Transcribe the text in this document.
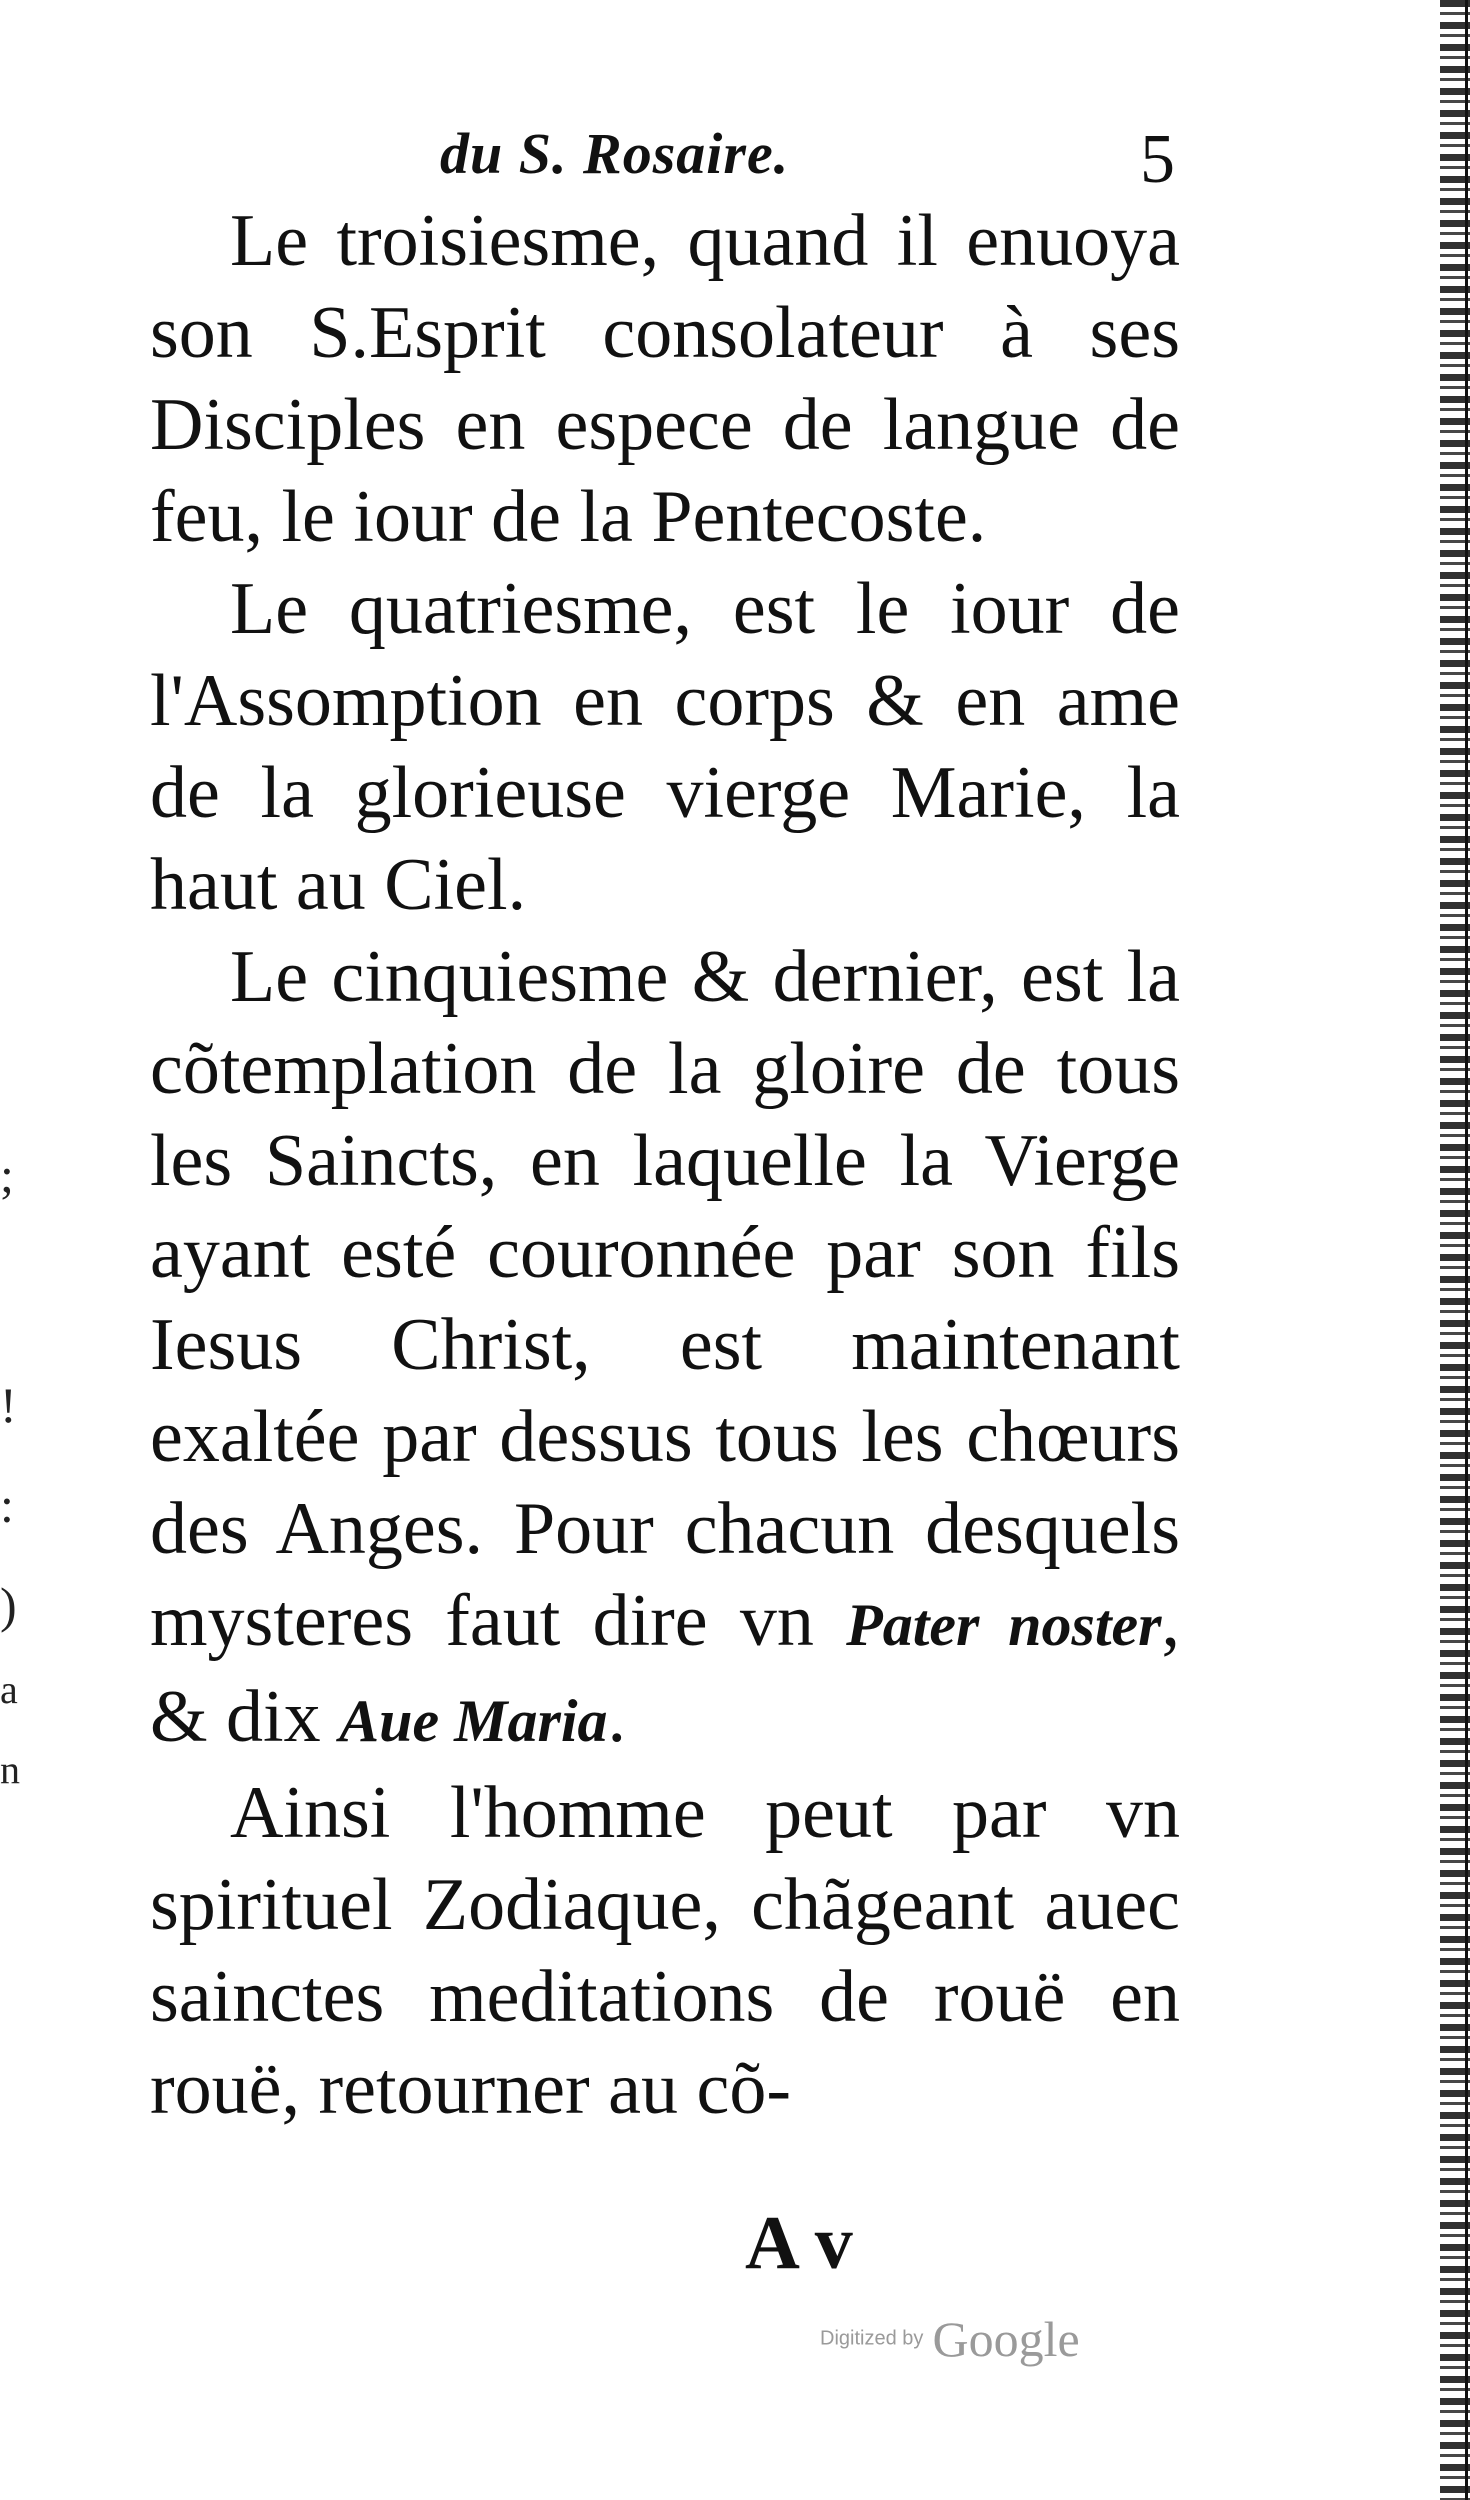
;
!
:
)
a
n
du S. Rosaire.	5

Le troisiesme, quand il enuoya son S.Esprit consolateur à ses Disciples en espece de langue de feu, le iour de la Pentecoste.

Le quatriesme, est le iour de l'Assomption en corps & en ame de la glorieuse vierge Marie, la haut au Ciel.

Le cinquiesme & dernier, est la cõtemplation de la gloire de tous les Saincts, en laquelle la Vierge ayant esté couronnée par son fils Iesus Christ, est maintenant exaltée par dessus tous les chœurs des Anges. Pour chacun desquels mysteres faut dire vn Pater noster, & dix Aue Maria.

Ainsi l'homme peut par vn spirituel Zodiaque, chãgeant auec sainctes meditations de rouë en rouë, retourner au cõ-

A v
Digitized by Google
